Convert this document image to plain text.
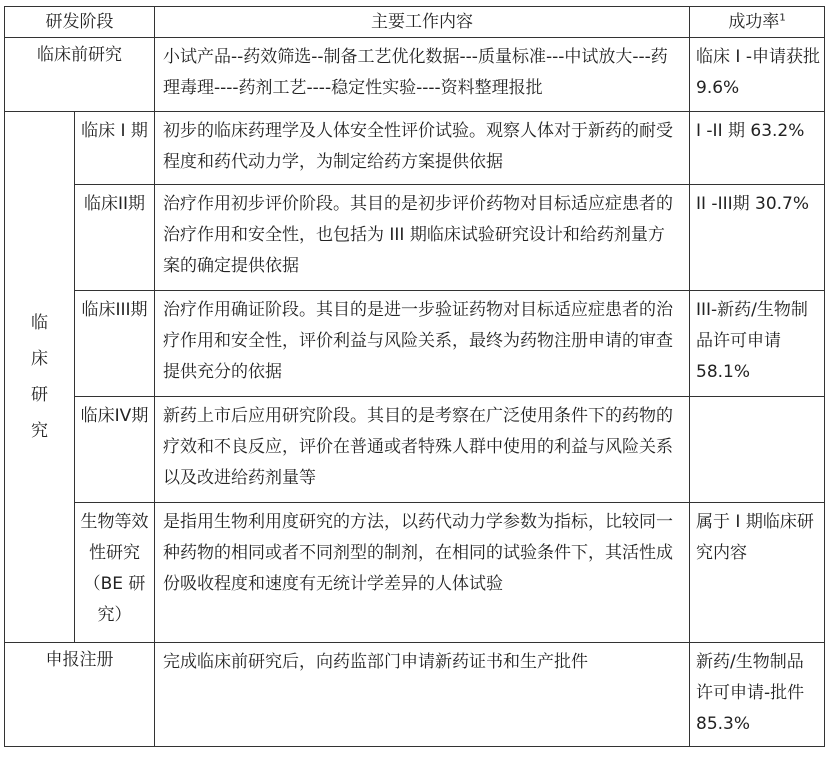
研发阶段		主要工作内容	成功率$^1$
临床前研究		小试产品--药效筛选--制备工艺优化数据---质量标准---中试放大---药理毒理----药剂工艺----稳定性实验----资料整理报批	临床 I -申请获批 9.6%

临床研究	临床 I 期	初步的临床药理学及人体安全性评价试验。观察人体对于新药的耐受程度和药代动力学，为制定给药方案提供依据	I -II 期 63.2%
	临床II期	治疗作用初步评价阶段。其目的是初步评价药物对目标适应症患者的治疗作用和安全性，也包括为 III 期临床试验研究设计和给药剂量方案的确定提供依据	II -III期 30.7%
	临床III期	治疗作用确证阶段。其目的是进一步验证药物对目标适应症患者的治疗作用和安全性，评价利益与风险关系，最终为药物注册申请的审查提供充分的依据	III-新药/生物制品许可申请 58.1%
	临床IV期	新药上市后应用研究阶段。其目的是考察在广泛使用条件下的药物的疗效和不良反应，评价在普通或者特殊人群中使用的利益与风险关系以及改进给药剂量等	
	生物等效性研究（BE 研究）	是指用生物利用度研究的方法，以药代动力学参数为指标，比较同一种药物的相同或者不同剂型的制剂，在相同的试验条件下，其活性成份吸收程度和速度有无统计学差异的人体试验	属于 I 期临床研究内容
申报注册		完成临床前研究后，向药监部门申请新药证书和生产批件	新药/生物制品许可申请-批件 85.3%
